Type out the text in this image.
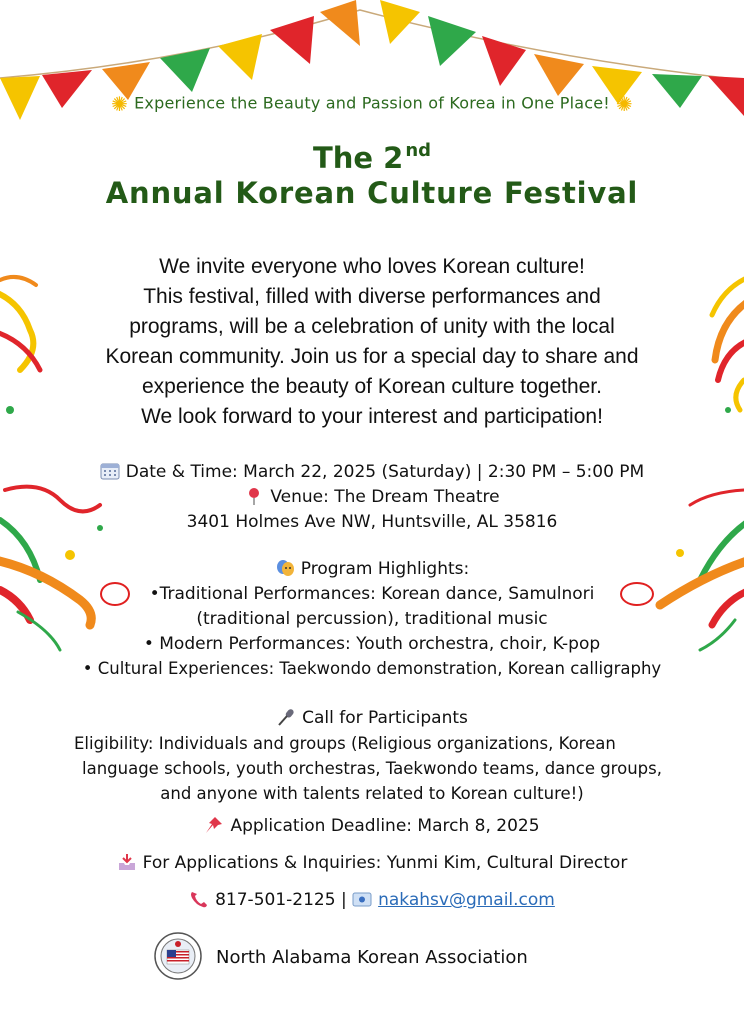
✺ Experience the Beauty and Passion of Korea in One Place! ✺
The 2 $^{nd}$
Annual Korean Culture Festival
We invite everyone who loves Korean culture!
This festival, filled with diverse performances and
programs, will be a celebration of unity with the local
Korean community. Join us for a special day to share and
experience the beauty of Korean culture together.
We look forward to your interest and participation!
Date & Time: March 22, 2025 (Saturday) | 2:30 PM – 5:00 PM
Venue: The Dream Theatre
3401 Holmes Ave NW, Huntsville, AL 35816
Program Highlights:
•Traditional Performances: Korean dance, Samulnori
(traditional percussion), traditional music
• Modern Performances: Youth orchestra, choir, K-pop
• Cultural Experiences: Taekwondo demonstration, Korean calligraphy
Call for Participants
Eligibility: Individuals and groups (Religious organizations, Korean
language schools, youth orchestras, Taekwondo teams, dance groups,
and anyone with talents related to Korean culture!)
Application Deadline: March 8, 2025
For Applications & Inquiries: Yunmi Kim, Cultural Director
817-501-2125 | nakahsv@gmail.com
North Alabama Korean Association
